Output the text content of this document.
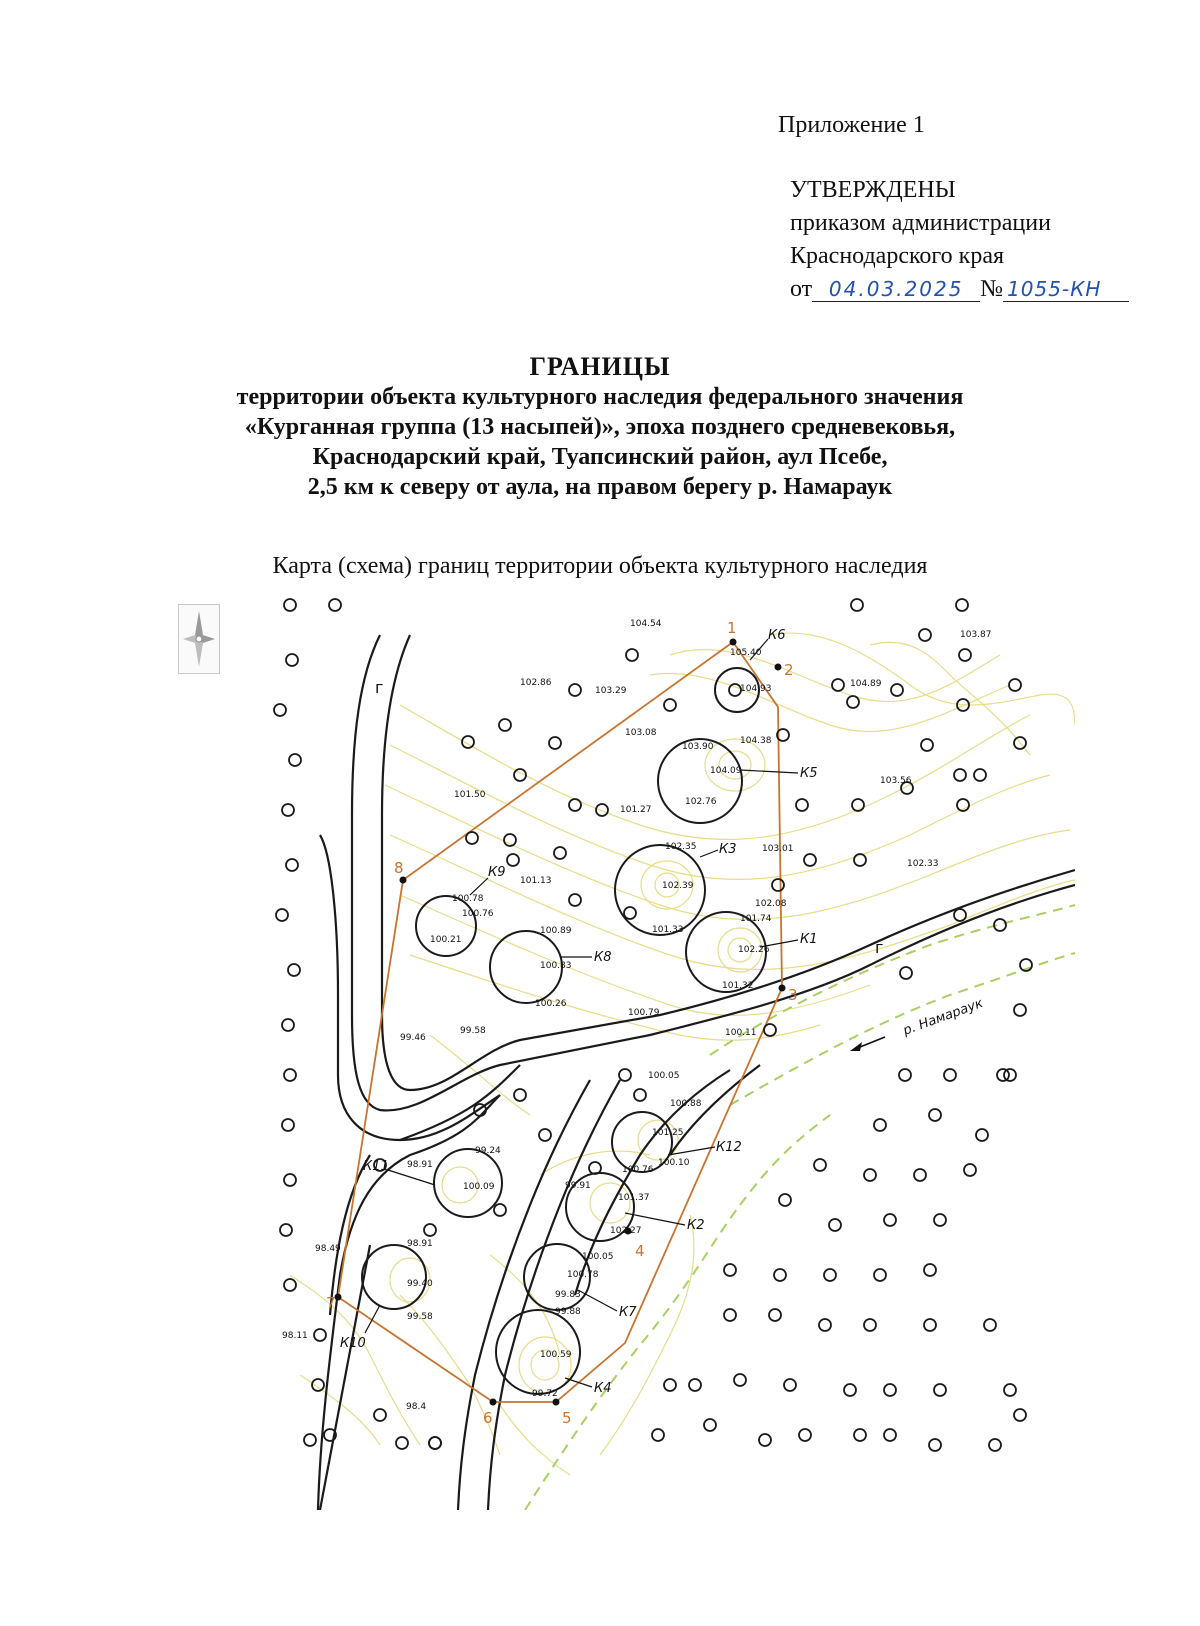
Приложение 1
УТВЕРЖДЕНЫ
приказом администрации
Краснодарского края
от 04.03.2025 № 1055-КН
ГРАНИЦЫ
территории объекта культурного наследия федерального значения
«Курганная группа (13 насыпей)», эпоха позднего средневековья,
Краснодарский край, Туапсинский район, аул Псебе,
2,5 км к северу от аула, на правом берегу р. Намараук
Карта (схема) границ территории объекта культурного наследия
1
2
3
4
5
6
7
8
К6
К5
К3
К9
К8
К1
К12
К11
К2
К7
К10
К4
105.40
104.09
102.39
100.76
100.83
102.26
101.25
100.09
101.37
100.78
99.40
100.59
104.54
102.86
103.29	104.93	104.89
103.87
103.08
103.90
104.38
102.76
103.56
101.50
101.27
102.35	103.01
102.33
101.13
100.78
100.21
100.89	101.33
101.74
102.08
100.26
101.32
100.79
99.46
99.58	100.11
100.05
100.88
100.76
100.10
99.24
98.91
99.91
98.49	98.91
102.27
100.05
99.83
99.88
99.58
98.11
99.72
98.4
г
г
р. Намараук
